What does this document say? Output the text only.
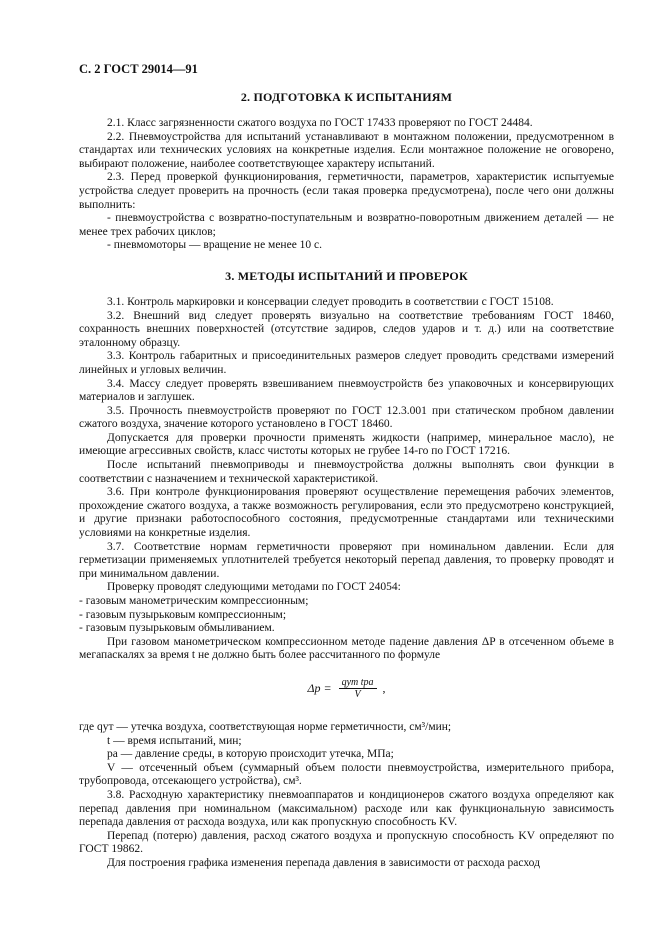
С. 2 ГОСТ 29014—91
2. ПОДГОТОВКА К ИСПЫТАНИЯМ

2.1. Класс загрязненности сжатого воздуха по ГОСТ 17433 проверяют по ГОСТ 24484.

2.2. Пневмоустройства для испытаний устанавливают в монтажном положении, предусмотренном в стандартах или технических условиях на конкретные изделия. Если монтажное положение не оговорено, выбирают положение, наиболее соответствующее характеру испытаний.

2.3. Перед проверкой функционирования, герметичности, параметров, характеристик испытуемые устройства следует проверить на прочность (если такая проверка предусмотрена), после чего они должны выполнить:

- пневмоустройства с возвратно-поступательным и возвратно-поворотным движением деталей — не менее трех рабочих циклов;

- пневмомоторы — вращение не менее 10 с.

3. МЕТОДЫ ИСПЫТАНИЙ И ПРОВЕРОК

3.1. Контроль маркировки и консервации следует проводить в соответствии с ГОСТ 15108.

3.2. Внешний вид следует проверять визуально на соответствие требованиям ГОСТ 18460, сохранность внешних поверхностей (отсутствие задиров, следов ударов и т. д.) или на соответствие эталонному образцу.

3.3. Контроль габаритных и присоединительных размеров следует проводить средствами измерений линейных и угловых величин.

3.4. Массу следует проверять взвешиванием пневмоустройств без упаковочных и консервирующих материалов и заглушек.

3.5. Прочность пневмоустройств проверяют по ГОСТ 12.3.001 при статическом пробном давлении сжатого воздуха, значение которого установлено в ГОСТ 18460.

Допускается для проверки прочности применять жидкости (например, минеральное масло), не имеющие агрессивных свойств, класс чистоты которых не грубее 14-го по ГОСТ 17216.

После испытаний пневмоприводы и пневмоустройства должны выполнять свои функции в соответствии с назначением и технической характеристикой.

3.6. При контроле функционирования проверяют осуществление перемещения рабочих элементов, прохождение сжатого воздуха, а также возможность регулирования, если это предусмотрено конструкцией, и другие признаки работоспособного состояния, предусмотренные стандартами или техническими условиями на конкретные изделия.

3.7. Соответствие нормам герметичности проверяют при номинальном давлении. Если для герметизации применяемых уплотнителей требуется некоторый перепад давления, то проверку проводят и при минимальном давлении.

Проверку проводят следующими методами по ГОСТ 24054:

- газовым манометрическим компрессионным;

- газовым пузырьковым компрессионным;

- газовым пузырьковым обмыливанием.

При газовом манометрическом компрессионном методе падение давления ΔP в отсеченном объеме в мегапаскалях за время t не должно быть более рассчитанного по формуле

$\Delta p = \frac{\text{qут tpа}}{V}$ ,

где qут — утечка воздуха, соответствующая норме герметичности, см³/мин;

t — время испытаний, мин;

pа — давление среды, в которую происходит утечка, МПа;

V — отсеченный объем (суммарный объем полости пневмоустройства, измерительного прибора, трубопровода, отсекающего устройства), см³.

3.8. Расходную характеристику пневмоаппаратов и кондиционеров сжатого воздуха определяют как перепад давления при номинальном (максимальном) расходе или как функциональную зависимость перепада давления от расхода воздуха, или как пропускную способность KV.

Перепад (потерю) давления, расход сжатого воздуха и пропускную способность KV определяют по ГОСТ 19862.

Для построения графика изменения перепада давления в зависимости от расхода расход
